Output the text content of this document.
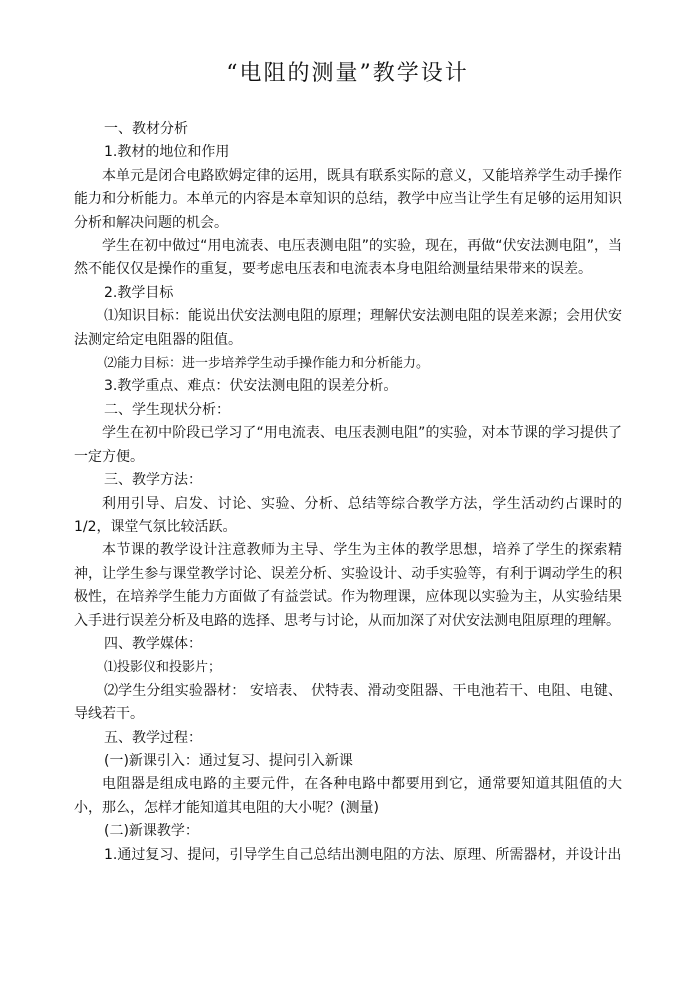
“电阻的测量”教学设计

一、教材分析

1.教材的地位和作用

本单元是闭合电路欧姆定律的运用，既具有联系实际的意义，又能培养学生动手操作能力和分析能力。本单元的内容是本章知识的总结，教学中应当让学生有足够的运用知识分析和解决问题的机会。

学生在初中做过“用电流表、电压表测电阻”的实验，现在，再做“伏安法测电阻”，当然不能仅仅是操作的重复，要考虑电压表和电流表本身电阻给测量结果带来的误差。

2.教学目标

⑴知识目标：能说出伏安法测电阻的原理；理解伏安法测电阻的误差来源；会用伏安法测定给定电阻器的阻值。

⑵能力目标：进一步培养学生动手操作能力和分析能力。

3.教学重点、难点：伏安法测电阻的误差分析。

二、学生现状分析：

学生在初中阶段已学习了“用电流表、电压表测电阻”的实验，对本节课的学习提供了一定方便。

三、教学方法：

利用引导、启发、讨论、实验、分析、总结等综合教学方法，学生活动约占课时的1/2，课堂气氛比较活跃。

本节课的教学设计注意教师为主导、学生为主体的教学思想，培养了学生的探索精神，让学生参与课堂教学讨论、误差分析、实验设计、动手实验等，有利于调动学生的积极性，在培养学生能力方面做了有益尝试。作为物理课，应体现以实验为主，从实验结果入手进行误差分析及电路的选择、思考与讨论，从而加深了对伏安法测电阻原理的理解。

四、教学媒体：

⑴投影仪和投影片；

⑵学生分组实验器材： 安培表、 伏特表、滑动变阻器、干电池若干、电阻、电键、导线若干。

五、教学过程：

(一)新课引入：通过复习、提问引入新课

电阻器是组成电路的主要元件，在各种电路中都要用到它，通常要知道其阻值的大小，那么，怎样才能知道其电阻的大小呢？(测量)

(二)新课教学：

1.通过复习、提问，引导学生自己总结出测电阻的方法、原理、所需器材，并设计出
